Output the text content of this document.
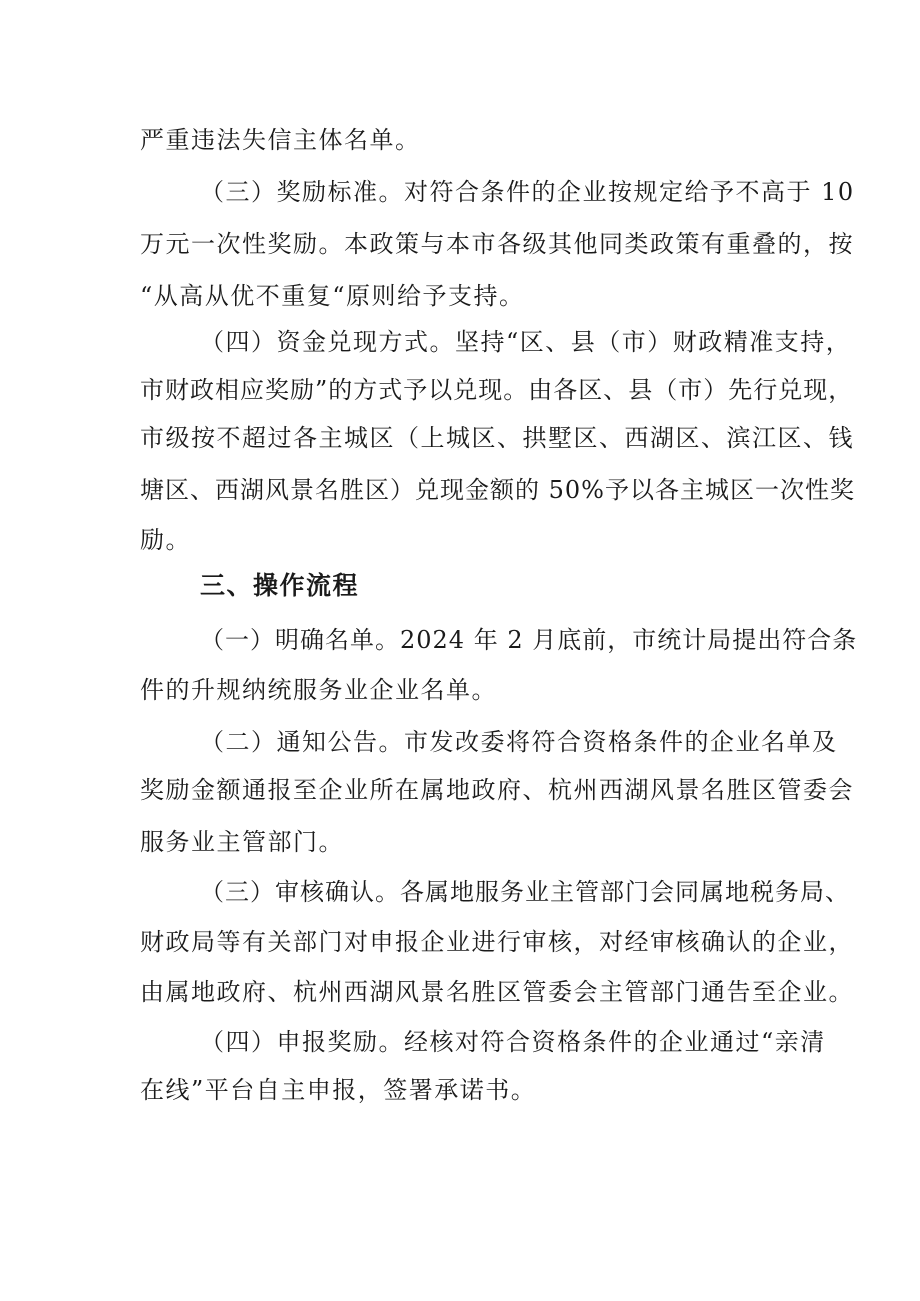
严重违法失信主体名单。
（三）奖励标准。对符合条件的企业按规定给予不高于 10
万元一次性奖励。本政策与本市各级其他同类政策有重叠的，按
“从高从优不重复“原则给予支持。
（四）资金兑现方式。坚持“区、县（市）财政精准支持，
市财政相应奖励”的方式予以兑现。由各区、县（市）先行兑现，
市级按不超过各主城区（上城区、拱墅区、西湖区、滨江区、钱
塘区、西湖风景名胜区）兑现金额的 50%予以各主城区一次性奖
励。
三、操作流程
（一）明确名单。2024 年 2 月底前，市统计局提出符合条
件的升规纳统服务业企业名单。
（二）通知公告。市发改委将符合资格条件的企业名单及
奖励金额通报至企业所在属地政府、杭州西湖风景名胜区管委会
服务业主管部门。
（三）审核确认。各属地服务业主管部门会同属地税务局、
财政局等有关部门对申报企业进行审核，对经审核确认的企业，
由属地政府、杭州西湖风景名胜区管委会主管部门通告至企业。
（四）申报奖励。经核对符合资格条件的企业通过“亲清
在线”平台自主申报，签署承诺书。
